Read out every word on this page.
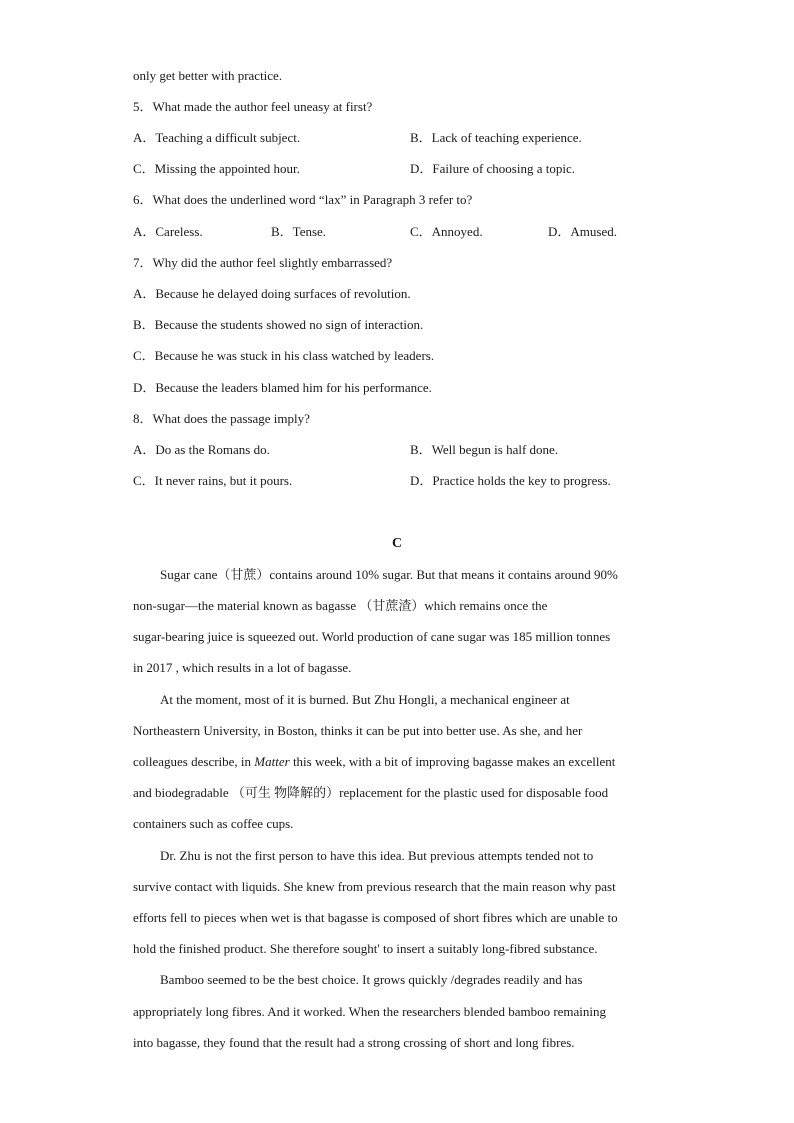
only get better with practice.
5．What made the author feel uneasy at first?
A．Teaching a difficult subject.	B．Lack of teaching experience.
C．Missing the appointed hour.	D．Failure of choosing a topic.
6．What does the underlined word “lax” in Paragraph 3 refer to?
A．Careless.	B．Tense.	C．Annoyed.	D．Amused.
7．Why did the author feel slightly embarrassed?
A．Because he delayed doing surfaces of revolution.
B．Because the students showed no sign of interaction.
C．Because he was stuck in his class watched by leaders.
D．Because the leaders blamed him for his performance.
8．What does the passage imply?
A．Do as the Romans do.	B．Well begun is half done.
C．It never rains, but it pours.	D．Practice holds the key to progress.
C
Sugar cane（甘蔗）contains around 10% sugar. But that means it contains around 90%
non-sugar—the material known as bagasse （甘蔗渣）which remains once the
sugar-bearing juice is squeezed out. World production of cane sugar was 185 million tonnes
in 2017 , which results in a lot of bagasse.
At the moment, most of it is burned. But Zhu Hongli, a mechanical engineer at
Northeastern University, in Boston, thinks it can be put into better use. As she, and her
colleagues describe, in Matter this week, with a bit of improving bagasse makes an excellent
and biodegradable （可生 物降解的）replacement for the plastic used for disposable food
containers such as coffee cups.
Dr. Zhu is not the first person to have this idea. But previous attempts tended not to
survive contact with liquids. She knew from previous research that the main reason why past
efforts fell to pieces when wet is that bagasse is composed of short fibres which are unable to
hold the finished product. She therefore sought' to insert a suitably long-fibred substance.
Bamboo seemed to be the best choice. It grows quickly /degrades readily and has
appropriately long fibres. And it worked. When the researchers blended bamboo remaining
into bagasse, they found that the result had a strong crossing of short and long fibres.
